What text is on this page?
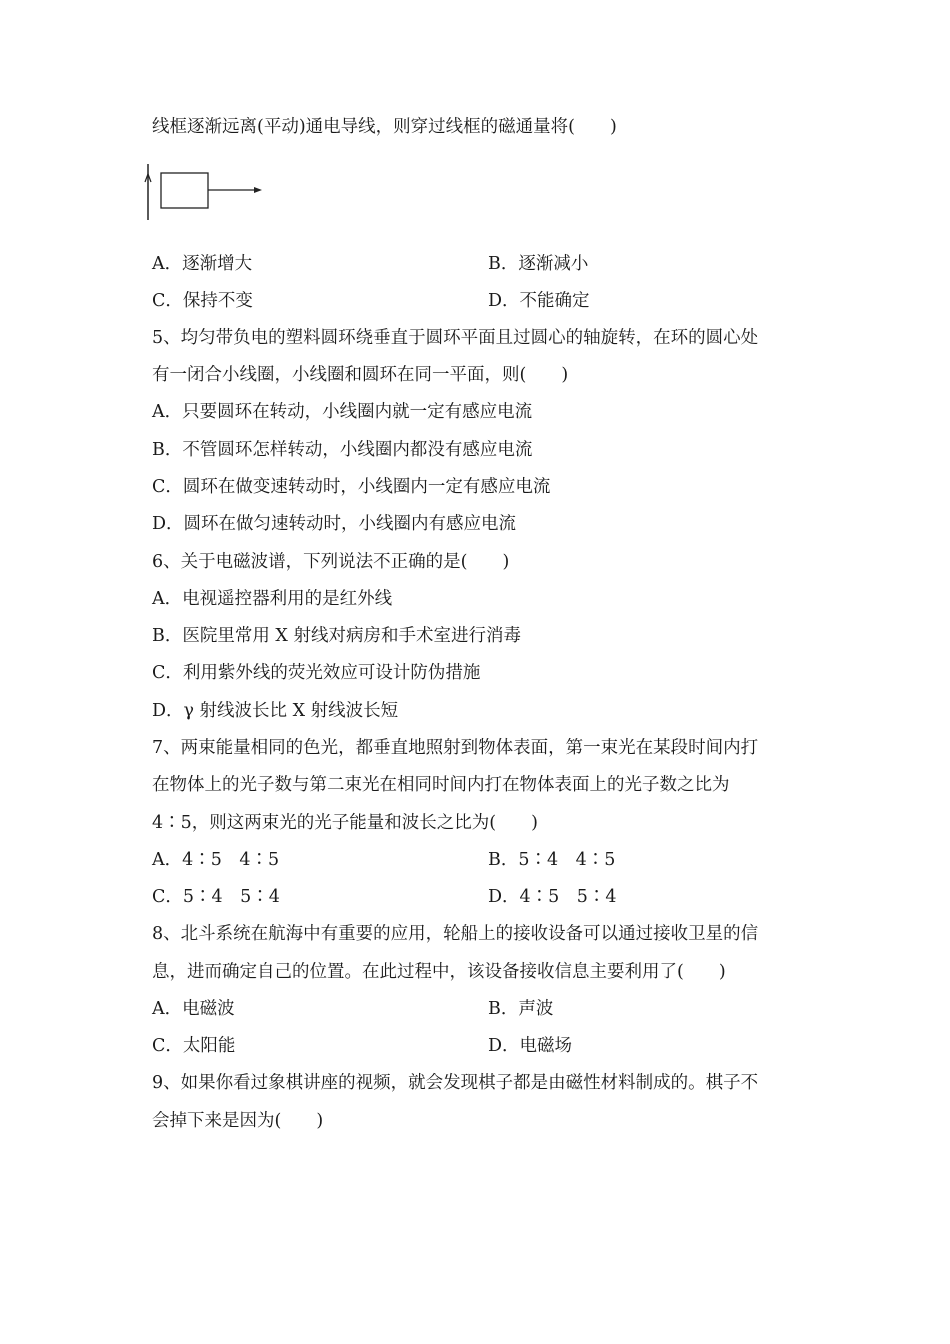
线框逐渐远离(平动)通电导线，则穿过线框的磁通量将(　　)
A．逐渐增大	B．逐渐减小
C．保持不变	D．不能确定
5、均匀带负电的塑料圆环绕垂直于圆环平面且过圆心的轴旋转，在环的圆心处
有一闭合小线圈，小线圈和圆环在同一平面，则(　　)
A．只要圆环在转动，小线圈内就一定有感应电流
B．不管圆环怎样转动，小线圈内都没有感应电流
C．圆环在做变速转动时，小线圈内一定有感应电流
D．圆环在做匀速转动时，小线圈内有感应电流
6、关于电磁波谱，下列说法不正确的是(　　)
A．电视遥控器利用的是红外线
B．医院里常用 X 射线对病房和手术室进行消毒
C．利用紫外线的荧光效应可设计防伪措施
D．γ 射线波长比 X 射线波长短
7、两束能量相同的色光，都垂直地照射到物体表面，第一束光在某段时间内打
在物体上的光子数与第二束光在相同时间内打在物体表面上的光子数之比为
4∶5，则这两束光的光子能量和波长之比为(　　)
A．4∶5　4∶5	B．5∶4　4∶5
C．5∶4　5∶4	D．4∶5　5∶4
8、北斗系统在航海中有重要的应用，轮船上的接收设备可以通过接收卫星的信
息，进而确定自己的位置。在此过程中，该设备接收信息主要利用了(　　)
A．电磁波	B．声波
C．太阳能	D．电磁场
9、如果你看过象棋讲座的视频，就会发现棋子都是由磁性材料制成的。棋子不
会掉下来是因为(　　)
